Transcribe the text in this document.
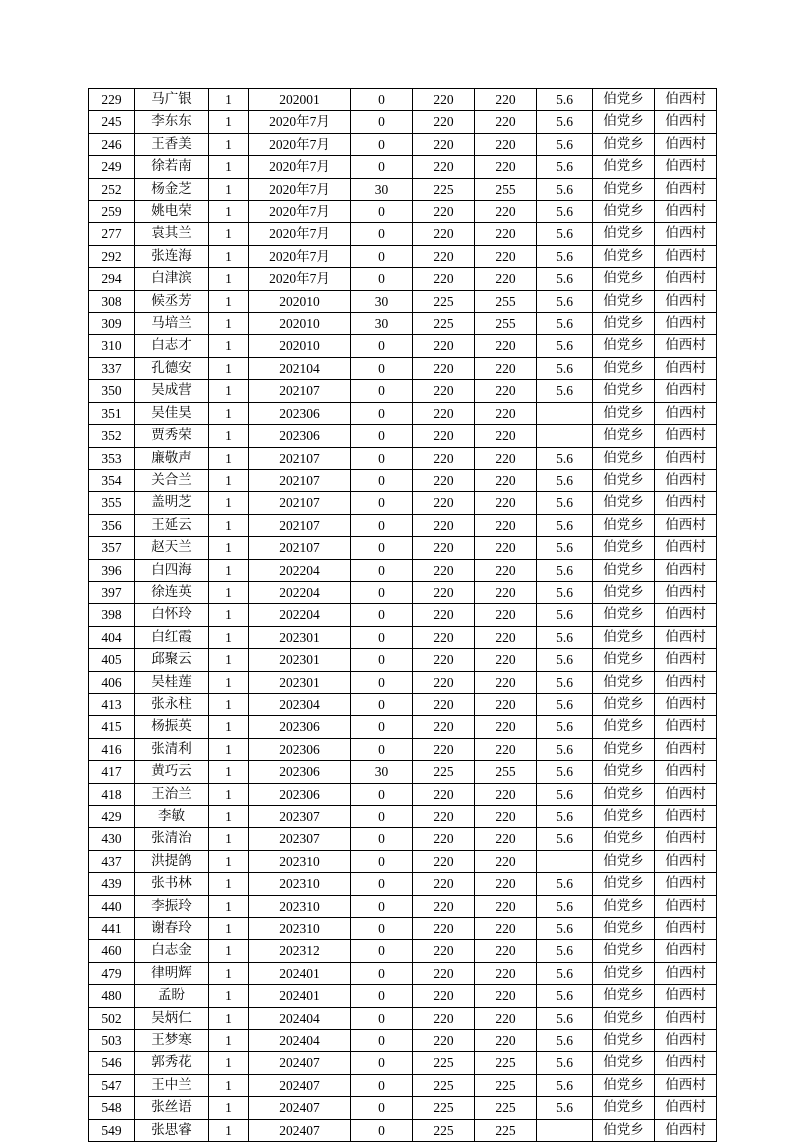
229	马广银	1	202001	0	220	220	5.6	伯党乡	伯西村
245	李东东	1	2020年7月	0	220	220	5.6	伯党乡	伯西村
246	王香美	1	2020年7月	0	220	220	5.6	伯党乡	伯西村
249	徐若南	1	2020年7月	0	220	220	5.6	伯党乡	伯西村
252	杨金芝	1	2020年7月	30	225	255	5.6	伯党乡	伯西村
259	姚电荣	1	2020年7月	0	220	220	5.6	伯党乡	伯西村
277	袁其兰	1	2020年7月	0	220	220	5.6	伯党乡	伯西村
292	张连海	1	2020年7月	0	220	220	5.6	伯党乡	伯西村
294	白津滨	1	2020年7月	0	220	220	5.6	伯党乡	伯西村
308	候丞芳	1	202010	30	225	255	5.6	伯党乡	伯西村
309	马培兰	1	202010	30	225	255	5.6	伯党乡	伯西村
310	白志才	1	202010	0	220	220	5.6	伯党乡	伯西村
337	孔德安	1	202104	0	220	220	5.6	伯党乡	伯西村
350	吴成营	1	202107	0	220	220	5.6	伯党乡	伯西村
351	吴佳昊	1	202306	0	220	220		伯党乡	伯西村
352	贾秀荣	1	202306	0	220	220		伯党乡	伯西村
353	廉敬声	1	202107	0	220	220	5.6	伯党乡	伯西村
354	关合兰	1	202107	0	220	220	5.6	伯党乡	伯西村
355	盖明芝	1	202107	0	220	220	5.6	伯党乡	伯西村
356	王延云	1	202107	0	220	220	5.6	伯党乡	伯西村
357	赵天兰	1	202107	0	220	220	5.6	伯党乡	伯西村
396	白四海	1	202204	0	220	220	5.6	伯党乡	伯西村
397	徐连英	1	202204	0	220	220	5.6	伯党乡	伯西村
398	白怀玲	1	202204	0	220	220	5.6	伯党乡	伯西村
404	白红霞	1	202301	0	220	220	5.6	伯党乡	伯西村
405	邱聚云	1	202301	0	220	220	5.6	伯党乡	伯西村
406	吴桂莲	1	202301	0	220	220	5.6	伯党乡	伯西村
413	张永柱	1	202304	0	220	220	5.6	伯党乡	伯西村
415	杨振英	1	202306	0	220	220	5.6	伯党乡	伯西村
416	张清利	1	202306	0	220	220	5.6	伯党乡	伯西村
417	黄巧云	1	202306	30	225	255	5.6	伯党乡	伯西村
418	王治兰	1	202306	0	220	220	5.6	伯党乡	伯西村
429	李敏	1	202307	0	220	220	5.6	伯党乡	伯西村
430	张清治	1	202307	0	220	220	5.6	伯党乡	伯西村
437	洪提鸽	1	202310	0	220	220		伯党乡	伯西村
439	张书林	1	202310	0	220	220	5.6	伯党乡	伯西村
440	李振玲	1	202310	0	220	220	5.6	伯党乡	伯西村
441	谢春玲	1	202310	0	220	220	5.6	伯党乡	伯西村
460	白志金	1	202312	0	220	220	5.6	伯党乡	伯西村
479	律明辉	1	202401	0	220	220	5.6	伯党乡	伯西村
480	孟盼	1	202401	0	220	220	5.6	伯党乡	伯西村
502	吴炳仁	1	202404	0	220	220	5.6	伯党乡	伯西村
503	王梦寒	1	202404	0	220	220	5.6	伯党乡	伯西村
546	郭秀花	1	202407	0	225	225	5.6	伯党乡	伯西村
547	王中兰	1	202407	0	225	225	5.6	伯党乡	伯西村
548	张丝语	1	202407	0	225	225	5.6	伯党乡	伯西村
549	张思睿	1	202407	0	225	225		伯党乡	伯西村
